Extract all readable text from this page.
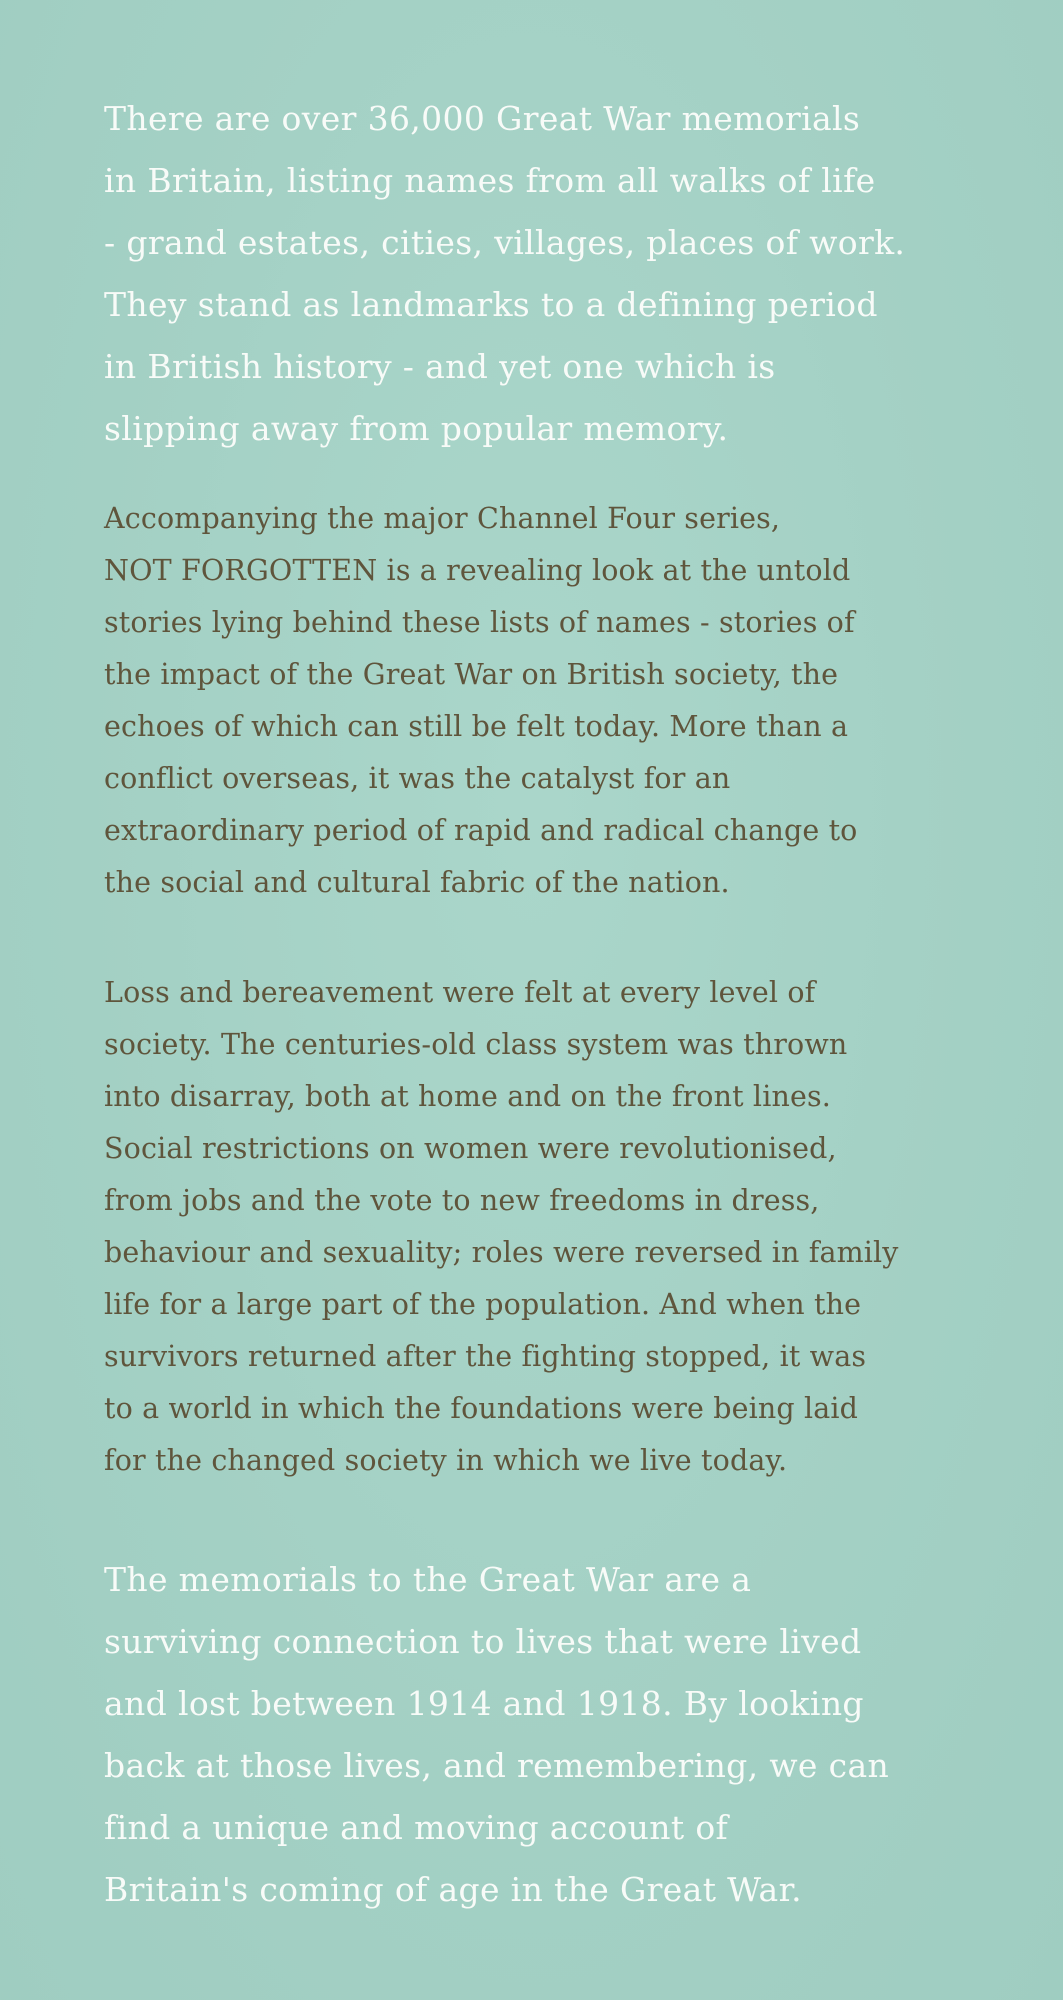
There are over 36,000 Great War memorials
in Britain, listing names from all walks of life
- grand estates, cities, villages, places of work.
They stand as landmarks to a defining period
in British history - and yet one which is
slipping away from popular memory.

Accompanying the major Channel Four series,
NOT FORGOTTEN is a revealing look at the untold
stories lying behind these lists of names - stories of
the impact of the Great War on British society, the
echoes of which can still be felt today. More than a
conflict overseas, it was the catalyst for an
extraordinary period of rapid and radical change to
the social and cultural fabric of the nation.

Loss and bereavement were felt at every level of
society. The centuries-old class system was thrown
into disarray, both at home and on the front lines.
Social restrictions on women were revolutionised,
from jobs and the vote to new freedoms in dress,
behaviour and sexuality; roles were reversed in family
life for a large part of the population. And when the
survivors returned after the fighting stopped, it was
to a world in which the foundations were being laid
for the changed society in which we live today.

The memorials to the Great War are a
surviving connection to lives that were lived
and lost between 1914 and 1918. By looking
back at those lives, and remembering, we can
find a unique and moving account of
Britain's coming of age in the Great War.
